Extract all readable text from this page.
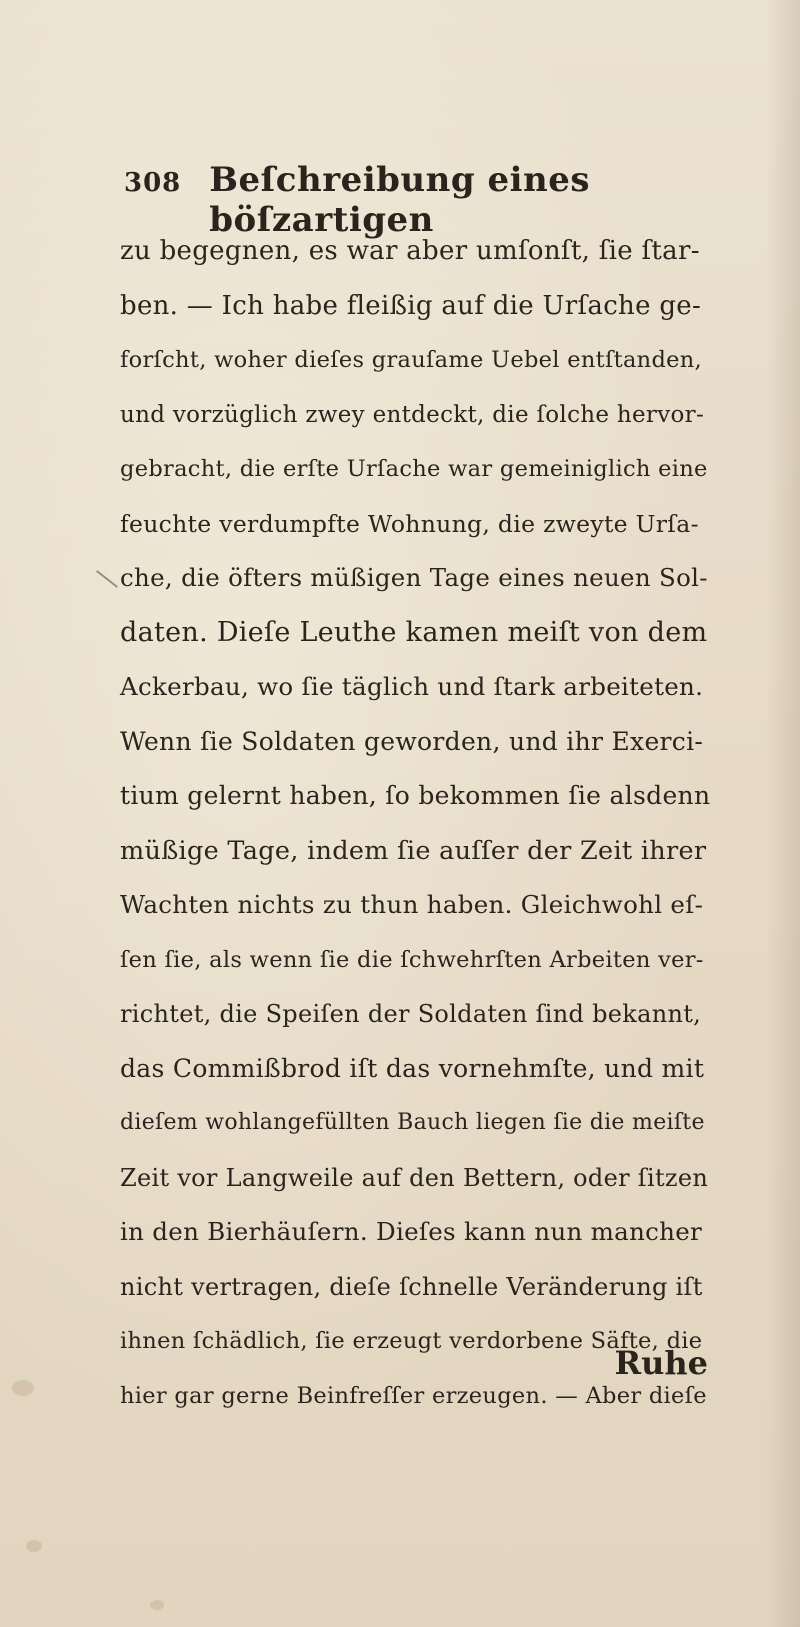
308 Beſchreibung eines böſzartigen
zu begegnen, es war aber umſonſt, ſie ſtar-
ben. — Ich habe fleißig auf die Urſache ge-
forſcht, woher dieſes grauſame Uebel entſtanden,
und vorzüglich zwey entdeckt, die ſolche hervor-
gebracht, die erſte Urſache war gemeiniglich eine
feuchte verdumpfte Wohnung, die zweyte Urſa-
che, die öfters müßigen Tage eines neuen Sol-
daten. Dieſe Leuthe kamen meiſt von dem
Ackerbau, wo ſie täglich und ſtark arbeiteten.
Wenn ſie Soldaten geworden, und ihr Exerci-
tium gelernt haben, ſo bekommen ſie alsdenn
müßige Tage, indem ſie auſſer der Zeit ihrer
Wachten nichts zu thun haben. Gleichwohl eſ-
ſen ſie, als wenn ſie die ſchwehrſten Arbeiten ver-
richtet, die Speiſen der Soldaten ſind bekannt,
das Commißbrod iſt das vornehmſte, und mit
dieſem wohlangefüllten Bauch liegen ſie die meiſte
Zeit vor Langweile auf den Bettern, oder ſitzen
in den Bierhäuſern. Dieſes kann nun mancher
nicht vertragen, dieſe ſchnelle Veränderung iſt
ihnen ſchädlich, ſie erzeugt verdorbene Säfte, die
hier gar gerne Beinfreſſer erzeugen. — Aber dieſe
Ruhe
